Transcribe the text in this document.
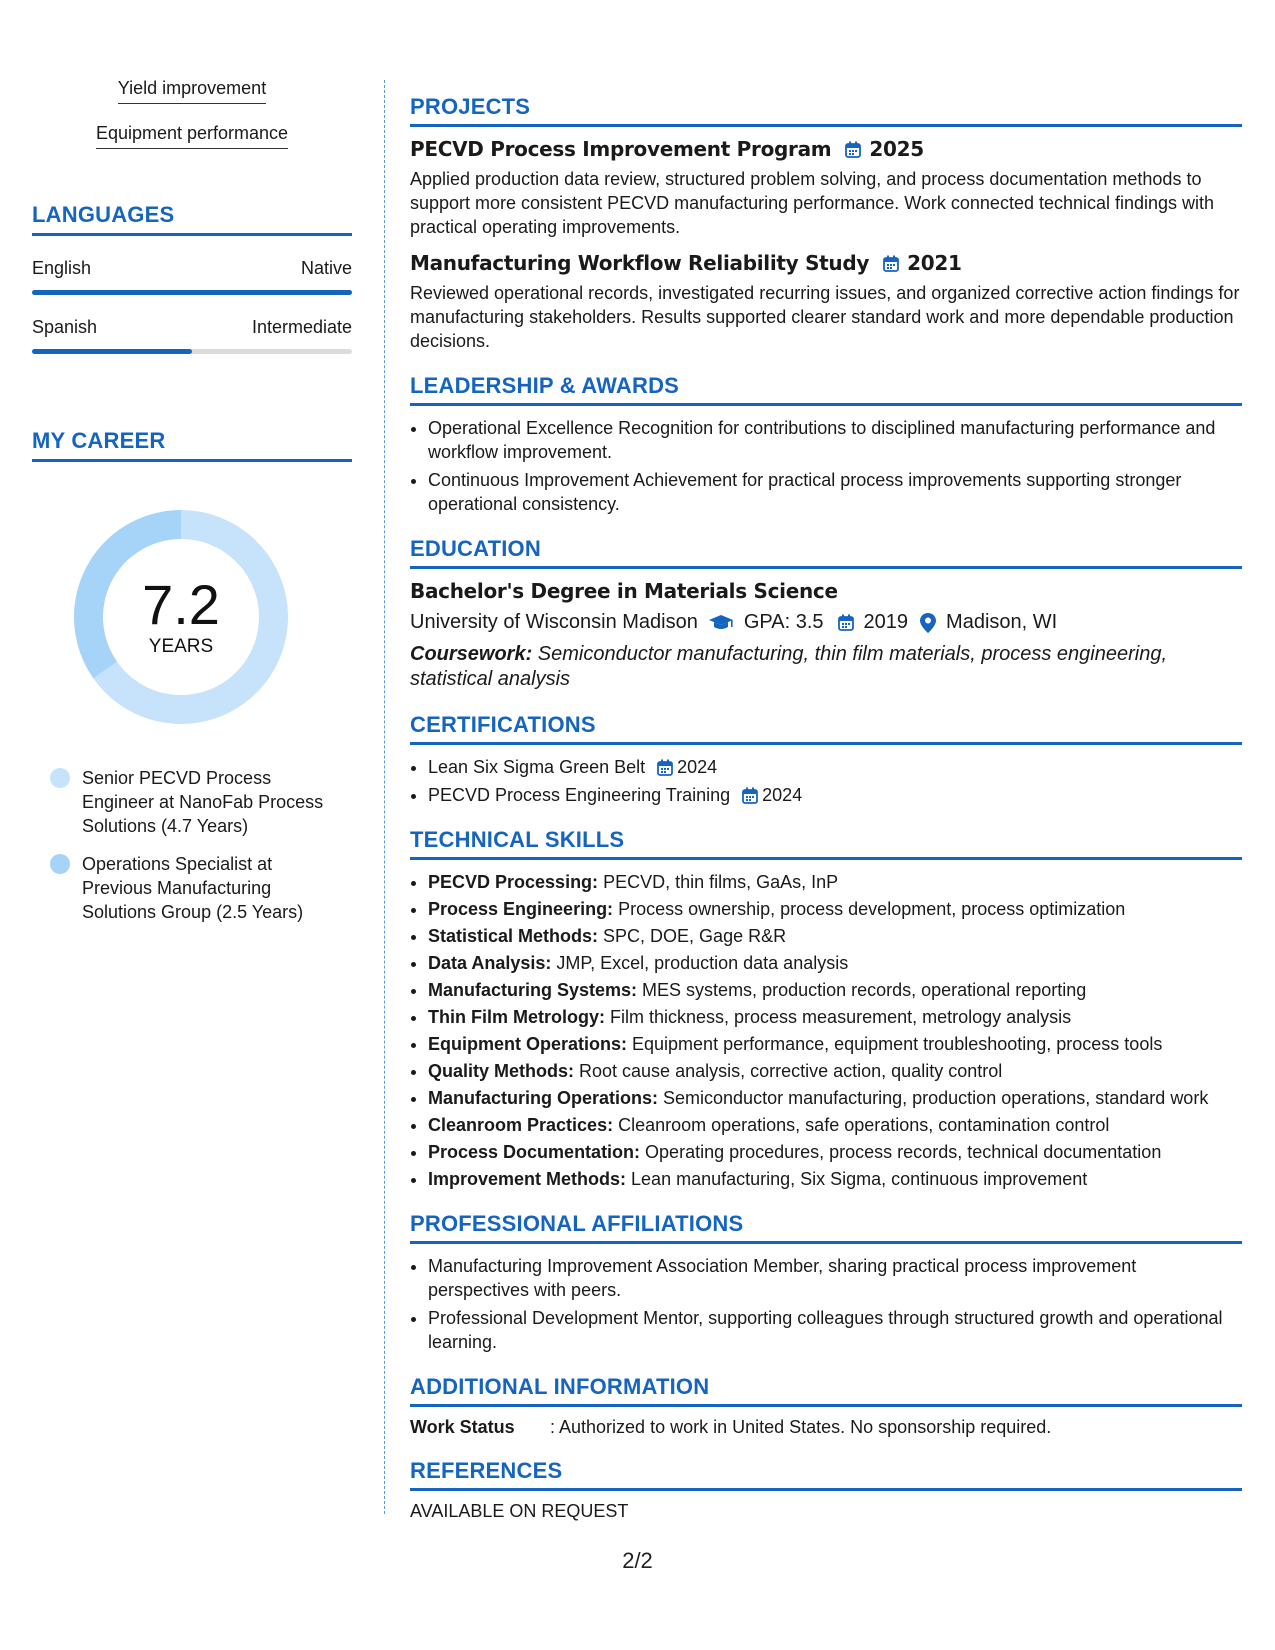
Yield improvement
Equipment performance
LANGUAGES
English	Native
Spanish	Intermediate
MY CAREER
7.2
YEARS
Senior PECVD Process Engineer at NanoFab Process Solutions (4.7 Years)
Operations Specialist at Previous Manufacturing Solutions Group (2.5 Years)
PROJECTS
PECVD Process Improvement Program 2025

Applied production data review, structured problem solving, and process documentation methods to support more consistent PECVD manufacturing performance. Work connected technical findings with practical operating improvements.

Manufacturing Workflow Reliability Study 2021

Reviewed operational records, investigated recurring issues, and organized corrective action findings for manufacturing stakeholders. Results supported clearer standard work and more dependable production decisions.

LEADERSHIP & AWARDS
• Operational Excellence Recognition for contributions to disciplined manufacturing performance and workflow improvement.
• Continuous Improvement Achievement for practical process improvements supporting stronger operational consistency.
EDUCATION
Bachelor's Degree in Materials Science
University of Wisconsin Madison GPA: 3.5 2019 Madison, WI
Coursework: Semiconductor manufacturing, thin film materials, process engineering, statistical analysis
CERTIFICATIONS
• Lean Six Sigma Green Belt 2024
• PECVD Process Engineering Training 2024
TECHNICAL SKILLS
• PECVD Processing: PECVD, thin films, GaAs, InP
• Process Engineering: Process ownership, process development, process optimization
• Statistical Methods: SPC, DOE, Gage R&R
• Data Analysis: JMP, Excel, production data analysis
• Manufacturing Systems: MES systems, production records, operational reporting
• Thin Film Metrology: Film thickness, process measurement, metrology analysis
• Equipment Operations: Equipment performance, equipment troubleshooting, process tools
• Quality Methods: Root cause analysis, corrective action, quality control
• Manufacturing Operations: Semiconductor manufacturing, production operations, standard work
• Cleanroom Practices: Cleanroom operations, safe operations, contamination control
• Process Documentation: Operating procedures, process records, technical documentation
• Improvement Methods: Lean manufacturing, Six Sigma, continuous improvement
PROFESSIONAL AFFILIATIONS
• Manufacturing Improvement Association Member, sharing practical process improvement perspectives with peers.
• Professional Development Mentor, supporting colleagues through structured growth and operational learning.
ADDITIONAL INFORMATION
Work Status	: Authorized to work in United States. No sponsorship required.
REFERENCES
AVAILABLE ON REQUEST
2/2
